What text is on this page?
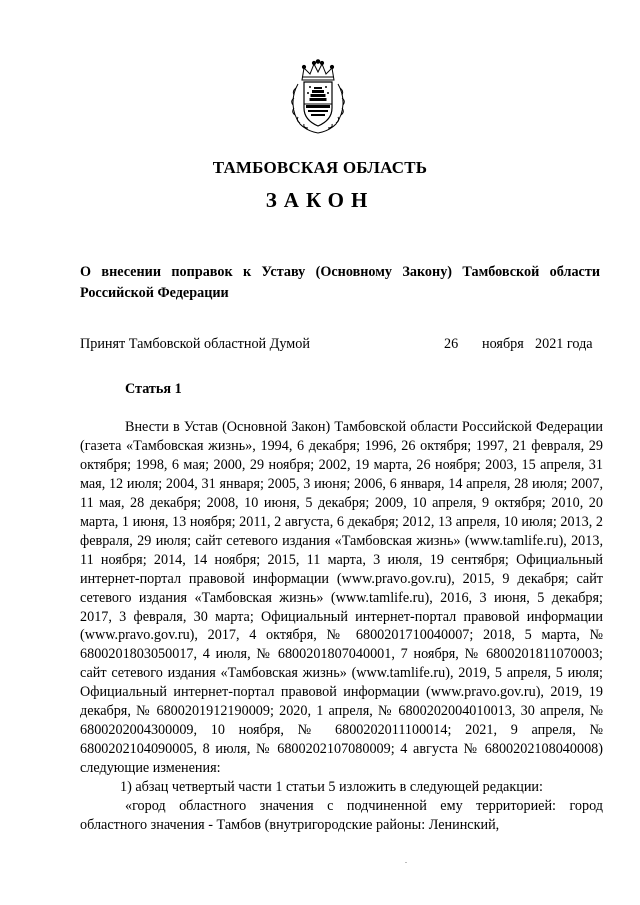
ТАМБОВСКАЯ ОБЛАСТЬ
ЗАКОН
О внесении поправок к Уставу (Основному Закону) Тамбовской области Российской Федерации
Принят Тамбовской областной Думой	26 ноября 2021 года
Статья 1

Внести в Устав (Основной Закон) Тамбовской области Российской Федерации (газета «Тамбовская жизнь», 1994, 6 декабря; 1996, 26 октября; 1997, 21 февраля, 29 октября; 1998, 6 мая; 2000, 29 ноября; 2002, 19 марта, 26 ноября; 2003, 15 апреля, 31 мая, 12 июля; 2004, 31 января; 2005, 3 июня; 2006, 6 января, 14 апреля, 28 июля; 2007, 11 мая, 28 декабря; 2008, 10 июня, 5 декабря; 2009, 10 апреля, 9 октября; 2010, 20 марта, 1 июня, 13 ноября; 2011, 2 августа, 6 декабря; 2012, 13 апреля, 10 июля; 2013, 2 февраля, 29 июля; сайт сетевого издания «Тамбовская жизнь» (www.tamlife.ru), 2013, 11 ноября; 2014, 14 ноября; 2015, 11 марта, 3 июля, 19 сентября; Официальный интернет-портал правовой информации (www.pravo.gov.ru), 2015, 9 декабря; сайт сетевого издания «Тамбовская жизнь» (www.tamlife.ru), 2016, 3 июня, 5 декабря; 2017, 3 февраля, 30 марта; Официальный интернет-портал правовой информации (www.pravo.gov.ru), 2017, 4 октября, № 6800201710040007; 2018, 5 марта, № 6800201803050017, 4 июля, № 6800201807040001, 7 ноября, № 6800201811070003; сайт сетевого издания «Тамбовская жизнь» (www.tamlife.ru), 2019, 5 апреля, 5 июля; Официальный интернет-портал правовой информации (www.pravo.gov.ru), 2019, 19 декабря, № 6800201912190009; 2020, 1 апреля, № 6800202004010013, 30 апреля, № 6800202004300009, 10 ноября, № 6800202011100014; 2021, 9 апреля, № 6800202104090005, 8 июля, № 6800202107080009; 4 августа № 6800202108040008) следующие изменения:

1) абзац четвертый части 1 статьи 5 изложить в следующей редакции:

«город областного значения с подчиненной ему территорией: город областного значения - Тамбов (внутригородские районы: Ленинский,
